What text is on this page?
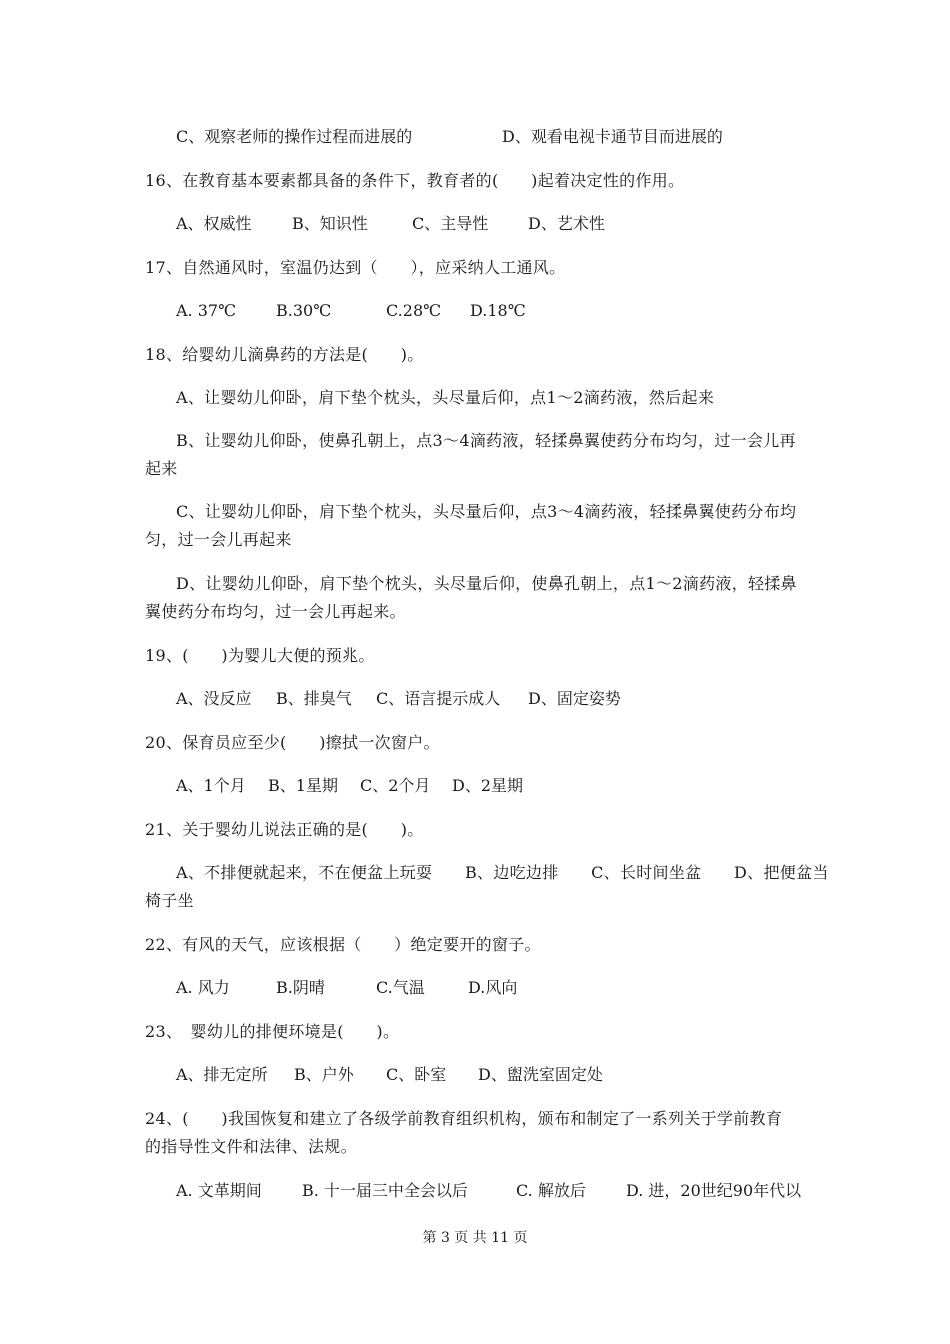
C、观察老师的操作过程而进展的	D、观看电视卡通节目而进展的
16、在教育基本要素都具备的条件下，教育者的(　　)起着决定性的作用。
A、权威性	B、知识性	C、主导性 D、艺术性
17、自然通风时，室温仍达到（　　），应采纳人工通风。
A. 37℃	B.30℃	C.28℃ D.18℃
18、给婴幼儿滴鼻药的方法是(　　)。
A、让婴幼儿仰卧，肩下垫个枕头，头尽量后仰，点1～2滴药液，然后起来
B、让婴幼儿仰卧，使鼻孔朝上，点3～4滴药液，轻揉鼻翼使药分布均匀，过一会儿再
起来
C、让婴幼儿仰卧，肩下垫个枕头，头尽量后仰，点3～4滴药液，轻揉鼻翼使药分布均
匀，过一会儿再起来
D、让婴幼儿仰卧，肩下垫个枕头，头尽量后仰，使鼻孔朝上，点1～2滴药液，轻揉鼻
翼使药分布均匀，过一会儿再起来。
19、(　　)为婴儿大便的预兆。
A、没反应 B、排臭气 C、语言提示成人 D、固定姿势
20、保育员应至少(　　)擦拭一次窗户。
A、1个月 B、1星期 C、2个月 D、2星期
21、关于婴幼儿说法正确的是(　　)。
A、不排便就起来，不在便盆上玩耍　　B、边吃边排　　C、长时间坐盆　　D、把便盆当
椅子坐
22、有风的天气，应该根据（　　）绝定要开的窗子。
A. 风力	B.阴晴	C.气温	D.风向
23、　婴幼儿的排便环境是(　　)。
A、排无定所 B、户外 C、卧室 D、盥洗室固定处
24、(　　)我国恢复和建立了各级学前教育组织机构，颁布和制定了一系列关于学前教育
的指导性文件和法律、法规。
A. 文革期间	B. 十一届三中全会以后	C. 解放后	D. 进，20世纪90年代以
第 3 页 共 11 页
